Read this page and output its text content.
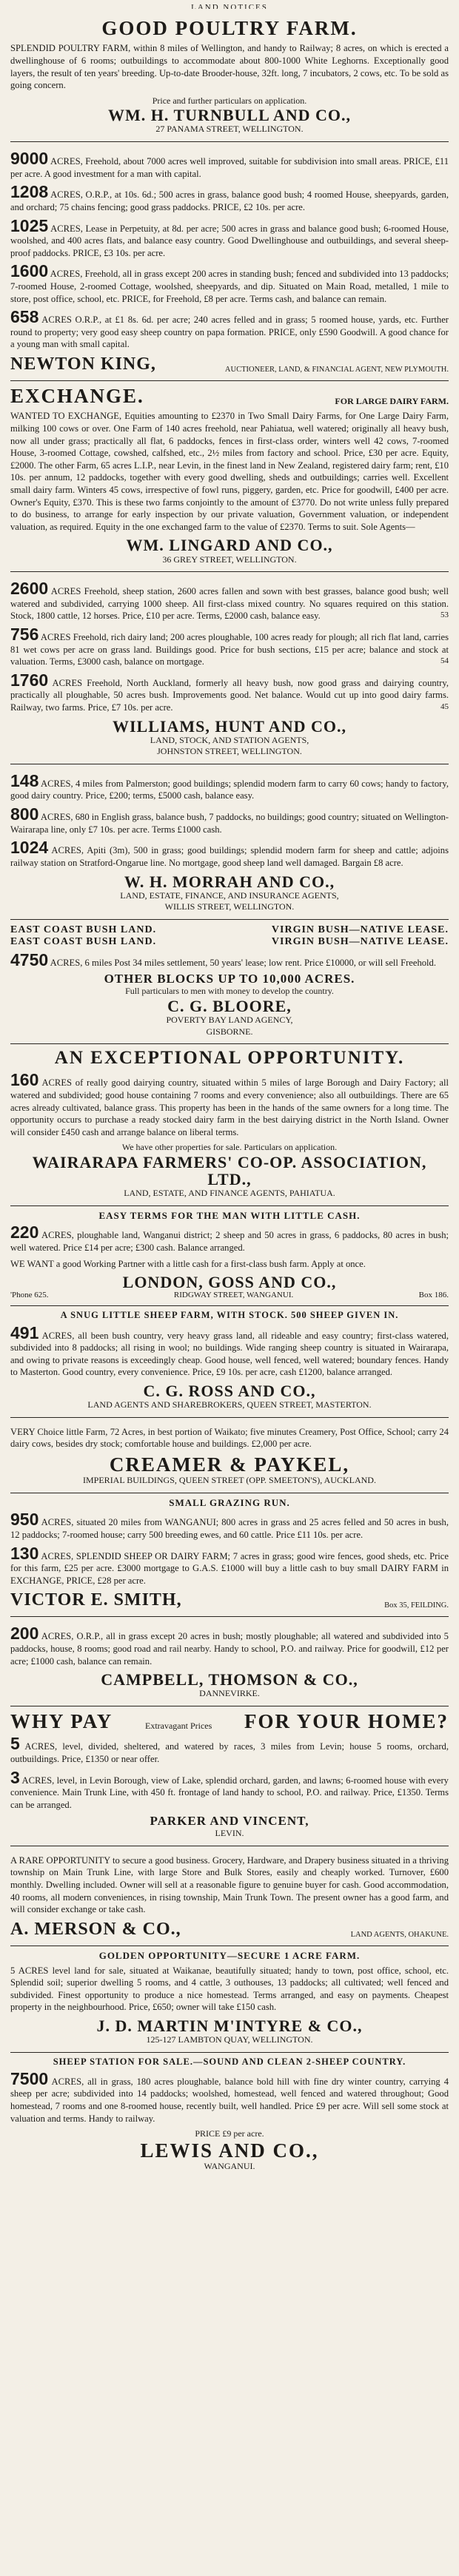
LAND NOTICES
GOOD POULTRY FARM.

SPLENDID POULTRY FARM, within 8 miles of Wellington, and handy to Railway; 8 acres, on which is erected a dwellinghouse of 6 rooms; outbuildings to accommodate about 800-1000 White Leghorns. Exceptionally good layers, the result of ten years' breeding. Up-to-date Brooder-house, 32ft. long, 7 incubators, 2 cows, etc. To be sold as going concern.

Price and further particulars on application.
WM. H. TURNBULL AND CO.,
27 PANAMA STREET, WELLINGTON.

9000 ACRES, Freehold, about 7000 acres well improved, suitable for subdivision into small areas. PRICE, £11 per acre. A good investment for a man with capital.

1208 ACRES, O.R.P., at 10s. 6d.; 500 acres in grass, balance good bush; 4 roomed House, sheepyards, garden, and orchard; 75 chains fencing; good grass paddocks. PRICE, £2 10s. per acre.

1025 ACRES, Lease in Perpetuity, at 8d. per acre; 500 acres in grass and balance good bush; 6-roomed House, woolshed, and 400 acres flats, and balance easy country. Good Dwellinghouse and outbuildings, and several sheep-proof paddocks. PRICE, £3 10s. per acre.

1600 ACRES, Freehold, all in grass except 200 acres in standing bush; fenced and subdivided into 13 paddocks; 7-roomed House, 2-roomed Cottage, woolshed, sheepyards, and dip. Situated on Main Road, metalled, 1 mile to store, post office, school, etc. PRICE, for Freehold, £8 per acre. Terms cash, and balance can remain.

658 ACRES O.R.P., at £1 8s. 6d. per acre; 240 acres felled and in grass; 5 roomed house, yards, etc. Further round to property; very good easy sheep country on papa formation. PRICE, only £590 Goodwill. A good chance for a young man with small capital.

NEWTON KING,	AUCTIONEER, LAND, & FINANCIAL AGENT, NEW PLYMOUTH.
EXCHANGE.	FOR LARGE DAIRY FARM.

WANTED TO EXCHANGE, Equities amounting to £2370 in Two Small Dairy Farms, for One Large Dairy Farm, milking 100 cows or over. One Farm of 140 acres freehold, near Pahiatua, well watered; originally all heavy bush, now all under grass; practically all flat, 6 paddocks, fences in first-class order, winters well 42 cows, 7-roomed House, 3-roomed Cottage, cowshed, calfshed, etc., 2½ miles from factory and school. Price, £30 per acre. Equity, £2000. The other Farm, 65 acres L.I.P., near Levin, in the finest land in New Zealand, registered dairy farm; rent, £10 10s. per annum, 12 paddocks, together with every good dwelling, sheds and outbuildings; carries well. Excellent small dairy farm. Winters 45 cows, irrespective of fowl runs, piggery, garden, etc. Price for goodwill, £400 per acre. Owner's Equity, £370. This is these two farms conjointly to the amount of £3770. Do not write unless fully prepared to do business, to arrange for early inspection by our private valuation, Government valuation, or independent valuation, as required. Equity in the one exchanged farm to the value of £2370. Terms to suit. Sole Agents—

WM. LINGARD AND CO.,
36 GREY STREET, WELLINGTON.

2600 ACRES Freehold, sheep station, 2600 acres fallen and sown with best grasses, balance good bush; well watered and subdivided, carrying 1000 sheep. All first-class mixed country. No squares required on this station. Stock, 1800 cattle, 12 horses. Price, £10 per acre. Terms, £2000 cash, balance easy.	53

756 ACRES Freehold, rich dairy land; 200 acres ploughable, 100 acres ready for plough; all rich flat land, carries 81 wet cows per acre on grass land. Buildings good. Price for bush sections, £15 per acre; balance and stock at valuation. Terms, £3000 cash, balance on mortgage.	54

1760 ACRES Freehold, North Auckland, formerly all heavy bush, now good grass and dairying country, practically all ploughable, 50 acres bush. Improvements good. Net balance. Would cut up into good dairy farms. Railway, two farms. Price, £7 10s. per acre.	45

WILLIAMS, HUNT AND CO.,
LAND, STOCK, AND STATION AGENTS,
JOHNSTON STREET, WELLINGTON.

148 ACRES, 4 miles from Palmerston; good buildings; splendid modern farm to carry 60 cows; handy to factory, good dairy country. Price, £200; terms, £5000 cash, balance easy.

800 ACRES, 680 in English grass, balance bush, 7 paddocks, no buildings; good country; situated on Wellington-Wairarapa line, only £7 10s. per acre. Terms £1000 cash.

1024 ACRES, Apiti (3m), 500 in grass; good buildings; splendid modern farm for sheep and cattle; adjoins railway station on Stratford-Ongarue line. No mortgage, good sheep land well damaged. Bargain £8 acre.

W. H. MORRAH AND CO.,
LAND, ESTATE, FINANCE, AND INSURANCE AGENTS,
WILLIS STREET, WELLINGTON.
EAST COAST BUSH LAND.	VIRGIN BUSH—NATIVE LEASE.
EAST COAST BUSH LAND.	VIRGIN BUSH—NATIVE LEASE.

4750 ACRES, 6 miles Post 34 miles settlement, 50 years' lease; low rent. Price £10000, or will sell Freehold.

OTHER BLOCKS UP TO 10,000 ACRES.
Full particulars to men with money to develop the country.
C. G. BLOORE,
POVERTY BAY LAND AGENCY,
GISBORNE.
AN EXCEPTIONAL OPPORTUNITY.

160 ACRES of really good dairying country, situated within 5 miles of large Borough and Dairy Factory; all watered and subdivided; good house containing 7 rooms and every convenience; also all outbuildings. There are 65 acres already cultivated, balance grass. This property has been in the hands of the same owners for a long time. The opportunity occurs to purchase a ready stocked dairy farm in the best dairying district in the North Island. Owner will consider £450 cash and arrange balance on liberal terms.

We have other properties for sale. Particulars on application.
WAIRARAPA FARMERS' CO-OP. ASSOCIATION, LTD.,
LAND, ESTATE, AND FINANCE AGENTS, PAHIATUA.
EASY TERMS FOR THE MAN WITH LITTLE CASH.

220 ACRES, ploughable land, Wanganui district; 2 sheep and 50 acres in grass, 6 paddocks, 80 acres in bush; well watered. Price £14 per acre; £300 cash. Balance arranged.

WE WANT a good Working Partner with a little cash for a first-class bush farm. Apply at once.

LONDON, GOSS AND CO.,
'Phone 625.	RIDGWAY STREET, WANGANUI.	Box 186.
A SNUG LITTLE SHEEP FARM, WITH STOCK. 500 SHEEP GIVEN IN.

491 ACRES, all been bush country, very heavy grass land, all rideable and easy country; first-class watered, subdivided into 8 paddocks; all rising in wool; no buildings. Wide ranging sheep country is situated in Wairarapa, and owing to private reasons is exceedingly cheap. Good house, well fenced, well watered; boundary fences. Handy to Masterton. Good country, every convenience. Price, £9 10s. per acre, cash £1200, balance arranged.

C. G. ROSS AND CO.,
LAND AGENTS AND SHAREBROKERS, QUEEN STREET, MASTERTON.

VERY Choice little Farm, 72 Acres, in best portion of Waikato; five minutes Creamery, Post Office, School; carry 24 dairy cows, besides dry stock; comfortable house and buildings. £2,000 per acre.

CREAMER & PAYKEL,
IMPERIAL BUILDINGS, QUEEN STREET (OPP. SMEETON'S), AUCKLAND.
SMALL GRAZING RUN.

950 ACRES, situated 20 miles from WANGANUI; 800 acres in grass and 25 acres felled and 50 acres in bush, 12 paddocks; 7-roomed house; carry 500 breeding ewes, and 60 cattle. Price £11 10s. per acre.

130 ACRES, SPLENDID SHEEP OR DAIRY FARM; 7 acres in grass; good wire fences, good sheds, etc. Price for this farm, £25 per acre. £3000 mortgage to G.A.S. £1000 will buy a little cash to buy small DAIRY FARM in EXCHANGE, PRICE, £28 per acre.

VICTOR E. SMITH,	Box 35, FEILDING.

200 ACRES, O.R.P., all in grass except 20 acres in bush; mostly ploughable; all watered and subdivided into 5 paddocks, house, 8 rooms; good road and rail nearby. Handy to school, P.O. and railway. Price for goodwill, £12 per acre; £1000 cash, balance can remain.

CAMPBELL, THOMSON & CO.,
DANNEVIRKE.
WHY PAY	Extravagant Prices FOR YOUR HOME?

5 ACRES, level, divided, sheltered, and watered by races, 3 miles from Levin; house 5 rooms, orchard, outbuildings. Price, £1350 or near offer.

3 ACRES, level, in Levin Borough, view of Lake, splendid orchard, garden, and lawns; 6-roomed house with every convenience. Main Trunk Line, with 450 ft. frontage of land handy to school, P.O. and railway. Price, £1350. Terms can be arranged.

PARKER AND VINCENT,
LEVIN.

A RARE OPPORTUNITY to secure a good business. Grocery, Hardware, and Drapery business situated in a thriving township on Main Trunk Line, with large Store and Bulk Stores, easily and cheaply worked. Turnover, £600 monthly. Dwelling included. Owner will sell at a reasonable figure to genuine buyer for cash. Good accommodation, 40 rooms, all modern conveniences, in rising township, Main Trunk Town. The present owner has a good farm, and will consider exchange or take cash.

A. MERSON & CO.,	LAND AGENTS, OHAKUNE.
GOLDEN OPPORTUNITY—SECURE 1 ACRE FARM.

5 ACRES level land for sale, situated at Waikanae, beautifully situated; handy to town, post office, school, etc. Splendid soil; superior dwelling 5 rooms, and 4 cattle, 3 outhouses, 13 paddocks; all cultivated; well fenced and subdivided. Finest opportunity to produce a nice homestead. Terms arranged, and easy on payments. Cheapest property in the neighbourhood. Price, £650; owner will take £150 cash.

J. D. MARTIN M'INTYRE & CO.,
125-127 LAMBTON QUAY, WELLINGTON.
SHEEP STATION FOR SALE.—SOUND AND CLEAN 2-SHEEP COUNTRY.

7500 ACRES, all in grass, 180 acres ploughable, balance bold hill with fine dry winter country, carrying 4 sheep per acre; subdivided into 14 paddocks; woolshed, homestead, well fenced and watered throughout; Good homestead, 7 rooms and one 8-roomed house, recently built, well handled. Price £9 per acre. Will sell some stock at valuation and terms. Handy to railway.

PRICE £9 per acre.
LEWIS AND CO.,
WANGANUI.
